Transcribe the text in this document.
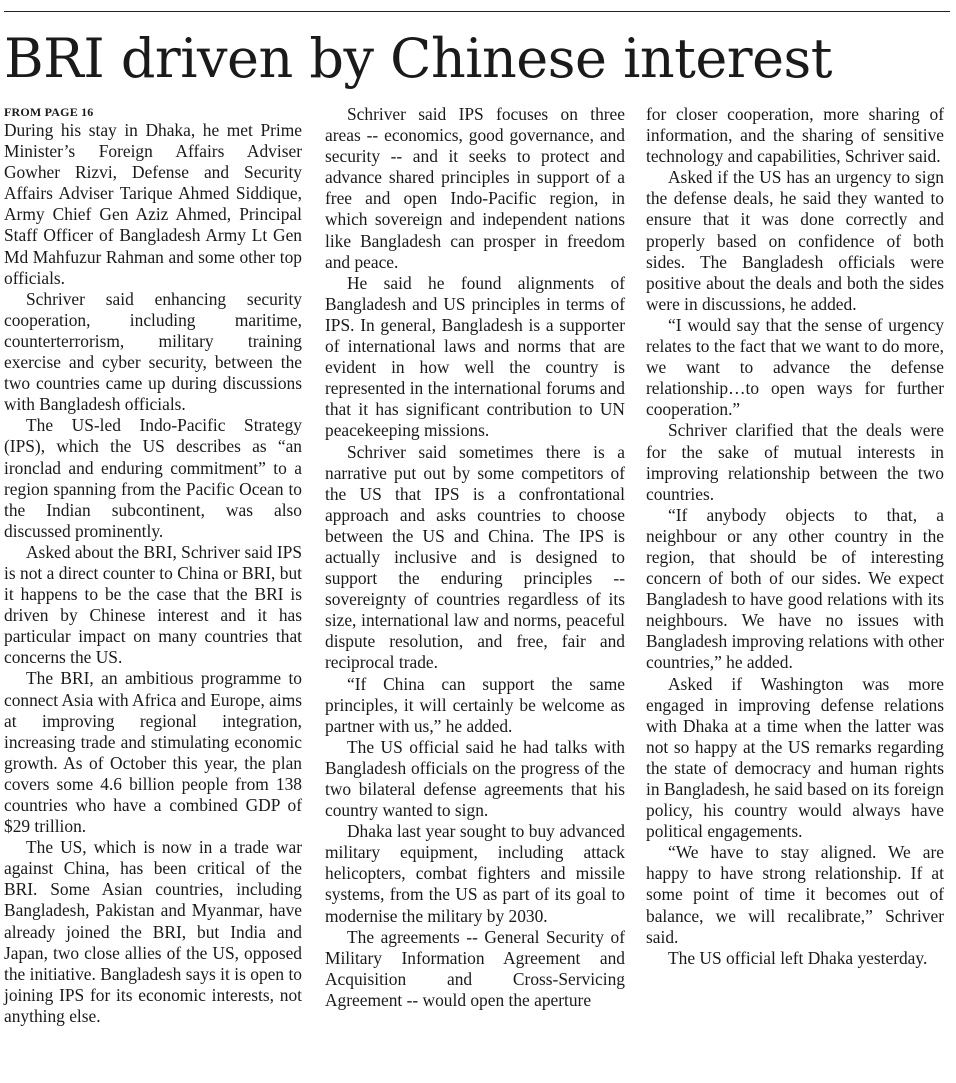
BRI driven by Chinese interest
FROM PAGE 16

During his stay in Dhaka, he met Prime Minister’s Foreign Affairs Adviser Gowher Rizvi, Defense and Security Affairs Adviser Tarique Ahmed Siddique, Army Chief Gen Aziz Ahmed, Principal Staff Officer of Bangladesh Army Lt Gen Md Mahfuzur Rahman and some other top officials.

Schriver said enhancing security cooperation, including maritime, counterterrorism, military training exercise and cyber security, between the two countries came up during discussions with Bangladesh officials.

The US-led Indo-Pacific Strategy (IPS), which the US describes as “an ironclad and enduring commitment” to a region spanning from the Pacific Ocean to the Indian subcontinent, was also discussed prominently.

Asked about the BRI, Schriver said IPS is not a direct counter to China or BRI, but it happens to be the case that the BRI is driven by Chinese interest and it has particular impact on many countries that concerns the US.

The BRI, an ambitious programme to connect Asia with Africa and Europe, aims at improving regional integration, increasing trade and stimulating economic growth. As of October this year, the plan covers some 4.6 billion people from 138 countries who have a combined GDP of $29 trillion.

The US, which is now in a trade war against China, has been critical of the BRI. Some Asian countries, including Bangladesh, Pakistan and Myanmar, have already joined the BRI, but India and Japan, two close allies of the US, opposed the initiative. Bangladesh says it is open to joining IPS for its economic interests, not anything else.

Schriver said IPS focuses on three areas -- economics, good governance, and security -- and it seeks to protect and advance shared principles in support of a free and open Indo-Pacific region, in which sovereign and independent nations like Bangladesh can prosper in freedom and peace.

He said he found alignments of Bangladesh and US principles in terms of IPS. In general, Bangladesh is a supporter of international laws and norms that are evident in how well the country is represented in the international forums and that it has significant contribution to UN peacekeeping missions.

Schriver said sometimes there is a narrative put out by some competitors of the US that IPS is a confrontational approach and asks countries to choose between the US and China. The IPS is actually inclusive and is designed to support the enduring principles -- sovereignty of countries regardless of its size, international law and norms, peaceful dispute resolution, and free, fair and reciprocal trade.

“If China can support the same principles, it will certainly be welcome as partner with us,” he added.

The US official said he had talks with Bangladesh officials on the progress of the two bilateral defense agreements that his country wanted to sign.

Dhaka last year sought to buy advanced military equipment, including attack helicopters, combat fighters and missile systems, from the US as part of its goal to modernise the military by 2030.

The agreements -- General Security of Military Information Agreement and Acquisition and Cross-Servicing Agreement -- would open the aperture

for closer cooperation, more sharing of information, and the sharing of sensitive technology and capabilities, Schriver said.

Asked if the US has an urgency to sign the defense deals, he said they wanted to ensure that it was done correctly and properly based on confidence of both sides. The Bangladesh officials were positive about the deals and both the sides were in discussions, he added.

“I would say that the sense of urgency relates to the fact that we want to do more, we want to advance the defense relationship…to open ways for further cooperation.”

Schriver clarified that the deals were for the sake of mutual interests in improving relationship between the two countries.

“If anybody objects to that, a neighbour or any other country in the region, that should be of interesting concern of both of our sides. We expect Bangladesh to have good relations with its neighbours. We have no issues with Bangladesh improving relations with other countries,” he added.

Asked if Washington was more engaged in improving defense relations with Dhaka at a time when the latter was not so happy at the US remarks regarding the state of democracy and human rights in Bangladesh, he said based on its foreign policy, his country would always have political engagements.

“We have to stay aligned. We are happy to have strong relationship. If at some point of time it becomes out of balance, we will recalibrate,” Schriver said.

The US official left Dhaka yesterday.
